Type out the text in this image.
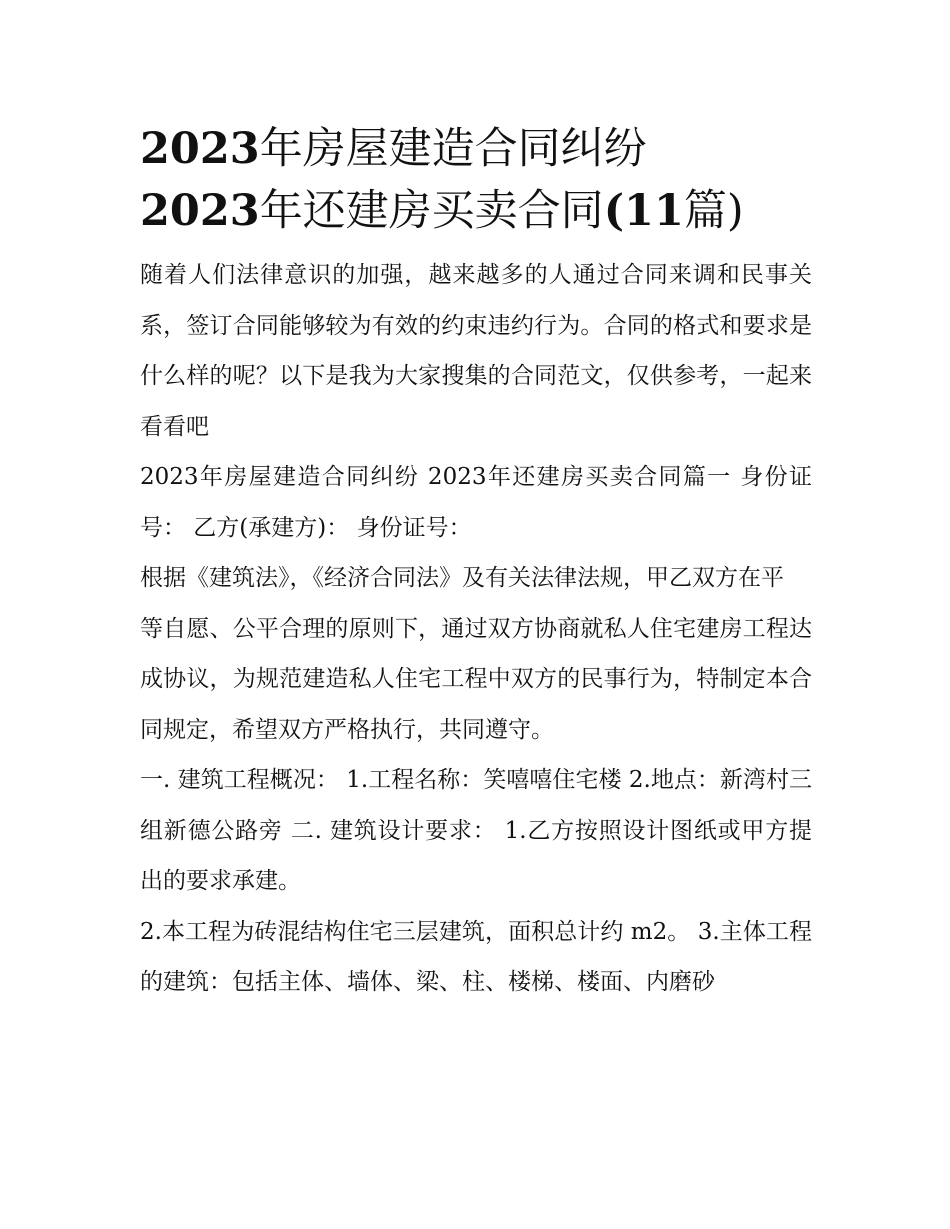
2023年房屋建造合同纠纷
2023年还建房买卖合同(11篇)

随着人们法律意识的加强，越来越多的人通过合同来调和民事关系，签订合同能够较为有效的约束违约行为。合同的格式和要求是什么样的呢？以下是我为大家搜集的合同范文，仅供参考，一起来看看吧

2023年房屋建造合同纠纷 2023年还建房买卖合同篇一 身份证号： 乙方(承建方)： 身份证号：

根据《建筑法》，《经济合同法》及有关法律法规，甲乙双方在平

等自愿、公平合理的原则下，通过双方协商就私人住宅建房工程达成协议，为规范建造私人住宅工程中双方的民事行为，特制定本合同规定，希望双方严格执行，共同遵守。

一. 建筑工程概况： 1.工程名称：笑嘻嘻住宅楼 2.地点：新湾村三组新德公路旁 二. 建筑设计要求： 1.乙方按照设计图纸或甲方提出的要求承建。

2.本工程为砖混结构住宅三层建筑，面积总计约 m2。 3.主体工程的建筑：包括主体、墙体、梁、柱、楼梯、楼面、内磨砂
